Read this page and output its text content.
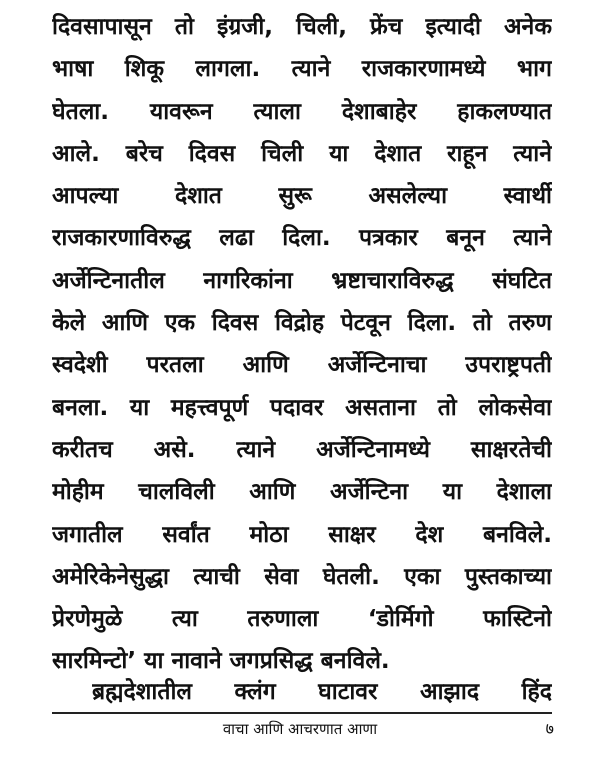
दिवसापासून तो इंग्रजी, चिली, फ्रेंच इत्यादी अनेक
भाषा शिकू लागला. त्याने राजकारणामध्ये भाग
घेतला. यावरून त्याला देशाबाहेर हाकलण्यात
आले. बरेच दिवस चिली या देशात राहून त्याने
आपल्या देशात सुरू असलेल्या स्वार्थी
राजकारणाविरुद्ध लढा दिला. पत्रकार बनून त्याने
अर्जेन्टिनातील नागरिकांना भ्रष्टाचाराविरुद्ध संघटित
केले आणि एक दिवस विद्रोह पेटवून दिला. तो तरुण
स्वदेशी परतला आणि अर्जेन्टिनाचा उपराष्ट्रपती
बनला. या महत्त्वपूर्ण पदावर असताना तो लोकसेवा
करीतच असे. त्याने अर्जेन्टिनामध्ये साक्षरतेची
मोहीम चालविली आणि अर्जेन्टिना या देशाला
जगातील सर्वांत मोठा साक्षर देश बनविले.
अमेरिकेनेसुद्धा त्याची सेवा घेतली. एका पुस्तकाच्या
प्रेरणेमुळे त्या तरुणाला ‘डोर्मिगो फास्टिनो
सारमिन्टो’ या नावाने जगप्रसिद्ध बनविले.
ब्रह्मदेशातील क्लंग घाटावर आझाद हिंद
वाचा आणि आचरणात आणा	७
